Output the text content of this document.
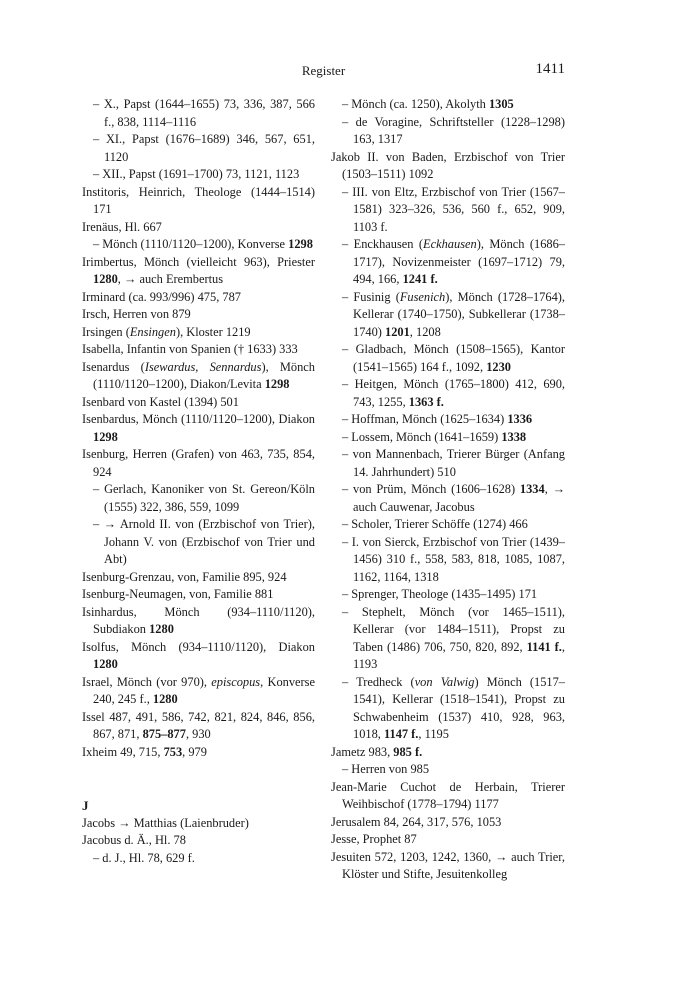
Register	1411
– X., Papst (1644–1655) 73, 336, 387, 566 f., 838, 1114–1116
– XI., Papst (1676–1689) 346, 567, 651, 1120
– XII., Papst (1691–1700) 73, 1121, 1123
Institoris, Heinrich, Theologe (1444–1514) 171
Irenäus, Hl. 667
– Mönch (1110/1120–1200), Konverse 1298
Irimbertus, Mönch (vielleicht 963), Priester 1280, → auch Erembertus
Irminard (ca. 993/996) 475, 787
Irsch, Herren von 879
Irsingen (Ensingen), Kloster 1219
Isabella, Infantin von Spanien († 1633) 333
Isenardus (Isewardus, Sennardus), Mönch (1110/1120–1200), Diakon/Levita 1298
Isenbard von Kastel (1394) 501
Isenbardus, Mönch (1110/1120–1200), Diakon 1298
Isenburg, Herren (Grafen) von 463, 735, 854, 924
– Gerlach, Kanoniker von St. Gereon/Köln (1555) 322, 386, 559, 1099
– → Arnold II. von (Erzbischof von Trier), Johann V. von (Erzbischof von Trier und Abt)
Isenburg-Grenzau, von, Familie 895, 924
Isenburg-Neumagen, von, Familie 881
Isinhardus, Mönch (934–1110/1120), Subdiakon 1280
Isolfus, Mönch (934–1110/1120), Diakon 1280
Israel, Mönch (vor 970), episcopus, Konverse 240, 245 f., 1280
Issel 487, 491, 586, 742, 821, 824, 846, 856, 867, 871, 875–877, 930
Ixheim 49, 715, 753, 979
J
Jacobs → Matthias (Laienbruder)
Jacobus d. Ä., Hl. 78
– d. J., Hl. 78, 629 f.
– Mönch (ca. 1250), Akolyth 1305
– de Voragine, Schriftsteller (1228–1298) 163, 1317
Jakob II. von Baden, Erzbischof von Trier (1503–1511) 1092
– III. von Eltz, Erzbischof von Trier (1567–1581) 323–326, 536, 560 f., 652, 909, 1103 f.
– Enckhausen (Eckhausen), Mönch (1686–1717), Novizenmeister (1697–1712) 79, 494, 166, 1241 f.
– Fusinig (Fusenich), Mönch (1728–1764), Kellerar (1740–1750), Subkellerar (1738–1740) 1201, 1208
– Gladbach, Mönch (1508–1565), Kantor (1541–1565) 164 f., 1092, 1230
– Heitgen, Mönch (1765–1800) 412, 690, 743, 1255, 1363 f.
– Hoffman, Mönch (1625–1634) 1336
– Lossem, Mönch (1641–1659) 1338
– von Mannenbach, Trierer Bürger (Anfang 14. Jahrhundert) 510
– von Prüm, Mönch (1606–1628) 1334, → auch Cauwenar, Jacobus
– Scholer, Trierer Schöffe (1274) 466
– I. von Sierck, Erzbischof von Trier (1439–1456) 310 f., 558, 583, 818, 1085, 1087, 1162, 1164, 1318
– Sprenger, Theologe (1435–1495) 171
– Stephelt, Mönch (vor 1465–1511), Kellerar (vor 1484–1511), Propst zu Taben (1486) 706, 750, 820, 892, 1141 f., 1193
– Tredheck (von Valwig) Mönch (1517–1541), Kellerar (1518–1541), Propst zu Schwabenheim (1537) 410, 928, 963, 1018, 1147 f., 1195
Jametz 983, 985 f.
– Herren von 985
Jean-Marie Cuchot de Herbain, Trierer Weihbischof (1778–1794) 1177
Jerusalem 84, 264, 317, 576, 1053
Jesse, Prophet 87
Jesuiten 572, 1203, 1242, 1360, → auch Trier, Klöster und Stifte, Jesuitenkolleg
